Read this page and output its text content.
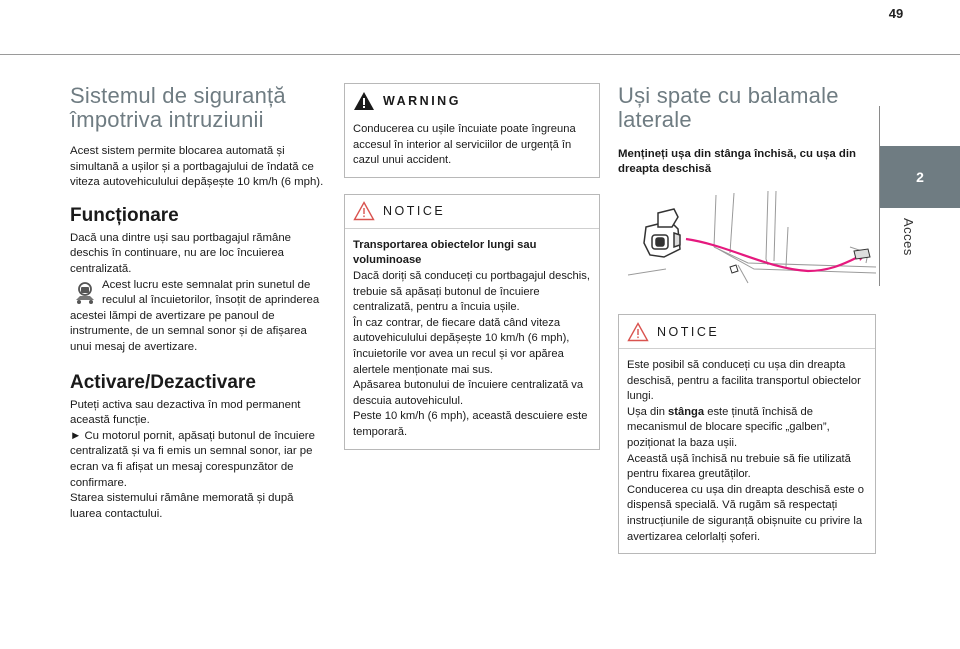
49
2
Acces
Sistemul de siguranță împotriva intruziunii
Acest sistem permite blocarea automată și simultană a ușilor și a portbagajului de îndată ce viteza autovehiculului depășește 10 km/h (6 mph).
Funcționare
Dacă una dintre uși sau portbagajul rămâne deschis în continuare, nu are loc încuierea centralizată.
Acest lucru este semnalat prin sunetul de reculul al încuietorilor, însoțit de aprinderea acestei lămpi de avertizare pe panoul de instrumente, de un semnal sonor și de afișarea unui mesaj de avertizare.
Activare/Dezactivare
Puteți activa sau dezactiva în mod permanent această funcție.
► Cu motorul pornit, apăsați butonul de încuiere centralizată și va fi emis un semnal sonor, iar pe ecran va fi afișat un mesaj corespunzător de confirmare.
Starea sistemului rămâne memorată și după luarea contactului.
WARNING
Conducerea cu ușile încuiate poate îngreuna accesul în interior al serviciilor de urgență în cazul unui accident.
NOTICE
Transportarea obiectelor lungi sau voluminoase
Dacă doriți să conduceți cu portbagajul deschis, trebuie să apăsați butonul de încuiere centralizată, pentru a încuia ușile.
În caz contrar, de fiecare dată când viteza autovehiculului depășește 10 km/h (6 mph), încuietorile vor avea un recul și vor apărea alertele menționate mai sus.
Apăsarea butonului de încuiere centralizată va descuia autovehiculul.
Peste 10 km/h (6 mph), această descuiere este temporară.
Uși spate cu balamale laterale
Mențineți ușa din stânga închisă, cu ușa din dreapta deschisă
NOTICE
Este posibil să conduceți cu ușa din dreapta deschisă, pentru a facilita transportul obiectelor lungi.
Ușa din stânga este ținută închisă de mecanismul de blocare specific „galben”, poziționat la baza ușii.
Această ușă închisă nu trebuie să fie utilizată pentru fixarea greutăților.
Conducerea cu ușa din dreapta deschisă este o dispensă specială. Vă rugăm să respectați instrucțiunile de siguranță obișnuite cu privire la avertizarea celorlalți șoferi.
